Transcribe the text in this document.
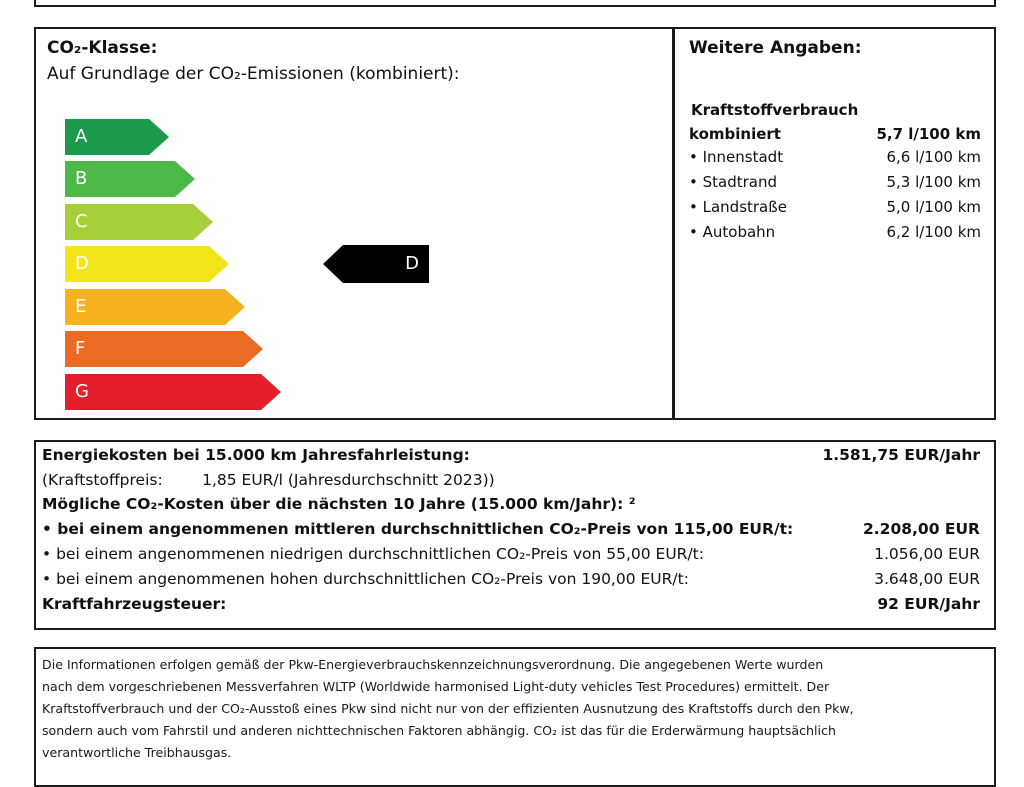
CO₂-Klasse:
Auf Grundlage der CO₂-Emissionen (kombiniert):
A
B
C
D
E
F
G
D
Weitere Angaben:
Kraftstoffverbrauch
kombiniert	5,7 l/100 km
• Innenstadt	6,6 l/100 km
• Stadtrand	5,3 l/100 km
• Landstraße	5,0 l/100 km
• Autobahn	6,2 l/100 km
Energiekosten bei 15.000 km Jahresfahrleistung:	1.581,75 EUR/Jahr
(Kraftstoffpreis:        1,85 EUR/l (Jahresdurchschnitt 2023))
Mögliche CO₂-Kosten über die nächsten 10 Jahre (15.000 km/Jahr): ²
• bei einem angenommenen mittleren durchschnittlichen CO₂-Preis von 115,00 EUR/t:	2.208,00 EUR
• bei einem angenommenen niedrigen durchschnittlichen CO₂-Preis von 55,00 EUR/t:	1.056,00 EUR
• bei einem angenommenen hohen durchschnittlichen CO₂-Preis von 190,00 EUR/t:	3.648,00 EUR
Kraftfahrzeugsteuer:	92 EUR/Jahr
Die Informationen erfolgen gemäß der Pkw-Energieverbrauchskennzeichnungsverordnung. Die angegebenen Werte wurden
nach dem vorgeschriebenen Messverfahren WLTP (Worldwide harmonised Light-duty vehicles Test Procedures) ermittelt. Der
Kraftstoffverbrauch und der CO₂-Ausstoß eines Pkw sind nicht nur von der effizienten Ausnutzung des Kraftstoffs durch den Pkw,
sondern auch vom Fahrstil und anderen nichttechnischen Faktoren abhängig. CO₂ ist das für die Erderwärmung hauptsächlich
verantwortliche Treibhausgas.
